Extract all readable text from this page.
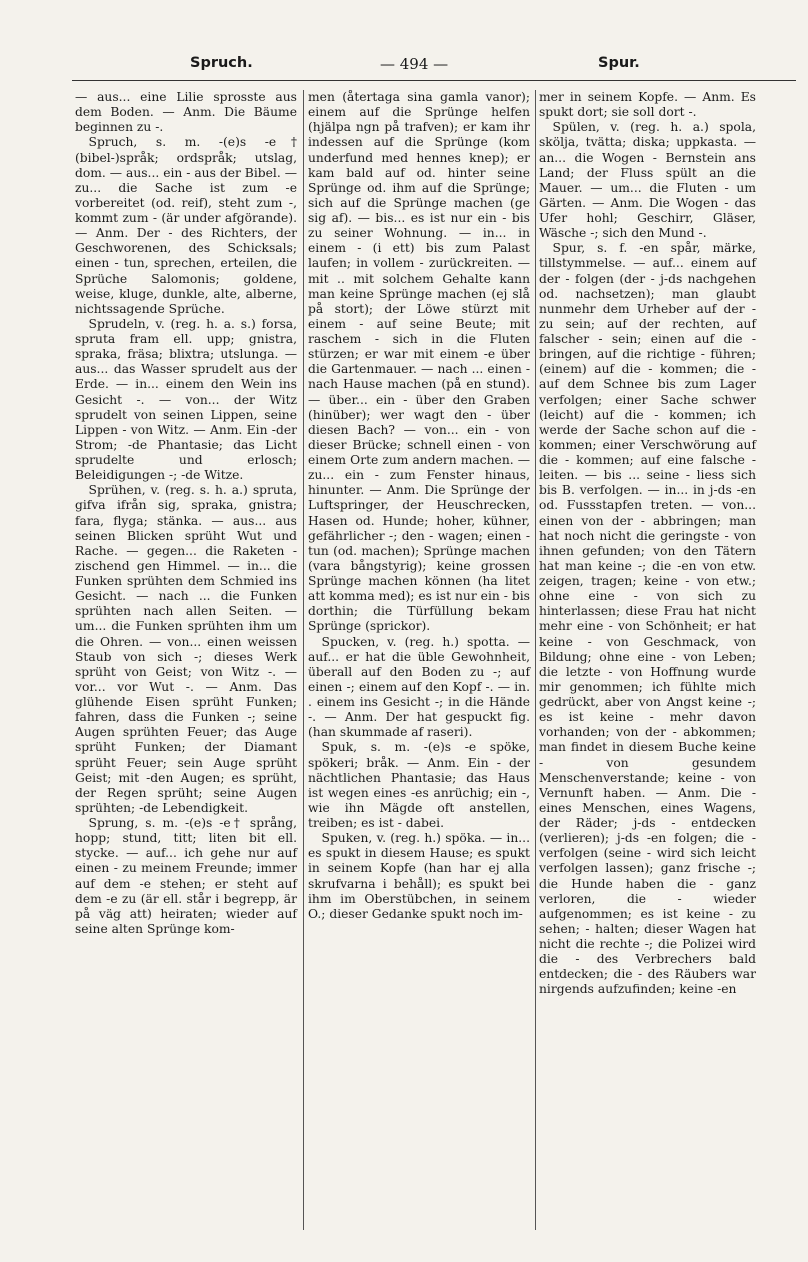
Spruch.	— 494 —	Spur.

— aus... eine Lilie sprosste aus dem Boden. — Anm. Die Bäume beginnen zu -.

Spruch, s. m. -(e)s -e† (bibel-)språk; ordspråk; utslag, dom. — aus... ein - aus der Bibel. — zu... die Sache ist zum -e vorbereitet (od. reif), steht zum -, kommt zum - (är under afgörande). — Anm. Der - des Richters, der Geschworenen, des Schicksals; einen - tun, sprechen, erteilen, die Sprüche Salomonis; goldene, weise, kluge, dunkle, alte, alberne, nichtssagende Sprüche.

Sprudeln, v. (reg. h. a. s.) forsa, spruta fram ell. upp; gnistra, spraka, fräsa; blixtra; utslunga. — aus... das Wasser sprudelt aus der Erde. — in... einem den Wein ins Gesicht -. — von... der Witz sprudelt von seinen Lippen, seine Lippen - von Witz. — Anm. Ein -der Strom; -de Phantasie; das Licht sprudelte und erlosch; Beleidigungen -; -de Witze.

Sprühen, v. (reg. s. h. a.) spruta, gifva ifrån sig, spraka, gnistra; fara, flyga; stänka. — aus... aus seinen Blicken sprüht Wut und Rache. — gegen... die Raketen - zischend gen Himmel. — in... die Funken sprühten dem Schmied ins Gesicht. — nach ... die Funken sprühten nach allen Seiten. — um... die Funken sprühten ihm um die Ohren. — von... einen weissen Staub von sich -; dieses Werk sprüht von Geist; von Witz -. — vor... vor Wut -. — Anm. Das glühende Eisen sprüht Funken; fahren, dass die Funken -; seine Augen sprühten Feuer; das Auge sprüht Funken; der Diamant sprüht Feuer; sein Auge sprüht Geist; mit -den Augen; es sprüht, der Regen sprüht; seine Augen sprühten; -de Lebendigkeit.

Sprung, s. m. -(e)s -e† språng, hopp; stund, titt; liten bit ell. stycke. — auf... ich gehe nur auf einen - zu meinem Freunde; immer auf dem -e stehen; er steht auf dem -e zu (är ell. står i begrepp, är på väg att) heiraten; wieder auf seine alten Sprünge kom-

men (återtaga sina gamla vanor); einem auf die Sprünge helfen (hjälpa ngn på trafven); er kam ihr indessen auf die Sprünge (kom underfund med hennes knep); er kam bald auf od. hinter seine Sprünge od. ihm auf die Sprünge; sich auf die Sprünge machen (ge sig af). — bis... es ist nur ein - bis zu seiner Wohnung. — in... in einem - (i ett) bis zum Palast laufen; in vollem - zurückreiten. — mit .. mit solchem Gehalte kann man keine Sprünge machen (ej slå på stort); der Löwe stürzt mit einem - auf seine Beute; mit raschem - sich in die Fluten stürzen; er war mit einem -e über die Gartenmauer. — nach ... einen - nach Hause machen (på en stund). — über... ein - über den Graben (hinüber); wer wagt den - über diesen Bach? — von... ein - von dieser Brücke; schnell einen - von einem Orte zum andern machen. — zu... ein - zum Fenster hinaus, hinunter. — Anm. Die Sprünge der Luftspringer, der Heuschrecken, Hasen od. Hunde; hoher, kühner, gefährlicher -; den - wagen; einen - tun (od. machen); Sprünge machen (vara bångstyrig); keine grossen Sprünge machen können (ha litet att komma med); es ist nur ein - bis dorthin; die Türfüllung bekam Sprünge (sprickor).

Spucken, v. (reg. h.) spotta. — auf... er hat die üble Gewohnheit, überall auf den Boden zu -; auf einen -; einem auf den Kopf -. — in. . einem ins Gesicht -; in die Hände -. — Anm. Der hat gespuckt fig. (han skummade af raseri).

Spuk, s. m. -(e)s -e spöke, spökeri; bråk. — Anm. Ein - der nächtlichen Phantasie; das Haus ist wegen eines -es anrüchig; ein -, wie ihn Mägde oft anstellen, treiben; es ist - dabei.

Spuken, v. (reg. h.) spöka. — in... es spukt in diesem Hause; es spukt in seinem Kopfe (han har ej alla skrufvarna i behåll); es spukt bei ihm im Oberstübchen, in seinem O.; dieser Gedanke spukt noch im-

mer in seinem Kopfe. — Anm. Es spukt dort; sie soll dort -.

Spülen, v. (reg. h. a.) spola, skölja, tvätta; diska; uppkasta. — an... die Wogen - Bernstein ans Land; der Fluss spült an die Mauer. — um... die Fluten - um Gärten. — Anm. Die Wogen - das Ufer hohl; Geschirr, Gläser, Wäsche -; sich den Mund -.

Spur, s. f. -en spår, märke, tillstymmelse. — auf... einem auf der - folgen (der - j-ds nachgehen od. nachsetzen); man glaubt nunmehr dem Urheber auf der - zu sein; auf der rechten, auf falscher - sein; einen auf die - bringen, auf die richtige - führen; (einem) auf die - kommen; die - auf dem Schnee bis zum Lager verfolgen; einer Sache schwer (leicht) auf die - kommen; ich werde der Sache schon auf die - kommen; einer Verschwörung auf die - kommen; auf eine falsche - leiten. — bis ... seine - liess sich bis B. verfolgen. — in... in j-ds -en od. Fussstapfen treten. — von... einen von der - abbringen; man hat noch nicht die geringste - von ihnen gefunden; von den Tätern hat man keine -; die -en von etw. zeigen, tragen; keine - von etw.; ohne eine - von sich zu hinterlassen; diese Frau hat nicht mehr eine - von Schönheit; er hat keine - von Geschmack, von Bildung; ohne eine - von Leben; die letzte - von Hoffnung wurde mir genommen; ich fühlte mich gedrückt, aber von Angst keine -; es ist keine - mehr davon vorhanden; von der - abkommen; man findet in diesem Buche keine - von gesundem Menschenverstande; keine - von Vernunft haben. — Anm. Die - eines Menschen, eines Wagens, der Räder; j-ds - entdecken (verlieren); j-ds -en folgen; die - verfolgen (seine - wird sich leicht verfolgen lassen); ganz frische -; die Hunde haben die - ganz verloren, die - wieder aufgenommen; es ist keine - zu sehen; - halten; dieser Wagen hat nicht die rechte -; die Polizei wird die - des Verbrechers bald entdecken; die - des Räubers war nirgends aufzufinden; keine -en
